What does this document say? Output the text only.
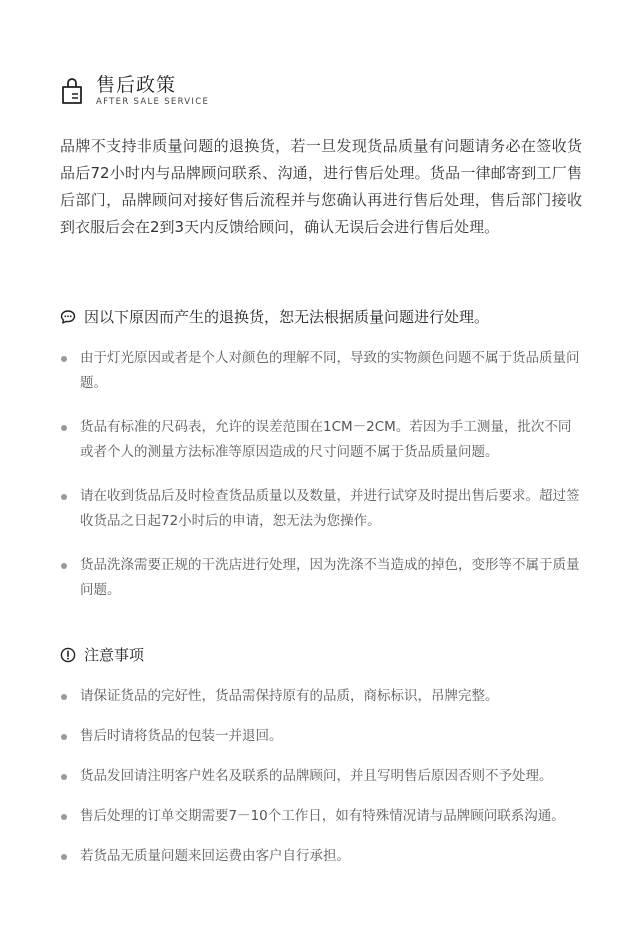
售后政策
AFTER SALE SERVICE

品牌不支持非质量问题的退换货，若一旦发现货品质量有问题请务必在签收货品后72小时内与品牌顾问联系、沟通，进行售后处理。货品一律邮寄到工厂售后部门，品牌顾问对接好售后流程并与您确认再进行售后处理，售后部门接收到衣服后会在2到3天内反馈给顾问，确认无误后会进行售后处理。

因以下原因而产生的退换货，恕无法根据质量问题进行处理。
由于灯光原因或者是个人对颜色的理解不同，导致的实物颜色问题不属于货品质量问题。
货品有标准的尺码表，允许的误差范围在1CM－2CM。若因为手工测量，批次不同或者个人的测量方法标准等原因造成的尺寸问题不属于货品质量问题。
请在收到货品后及时检查货品质量以及数量，并进行试穿及时提出售后要求。超过签收货品之日起72小时后的申请，恕无法为您操作。
货品洗涤需要正规的干洗店进行处理，因为洗涤不当造成的掉色，变形等不属于质量问题。
注意事项
请保证货品的完好性，货品需保持原有的品质，商标标识，吊牌完整。
售后时请将货品的包装一并退回。
货品发回请注明客户姓名及联系的品牌顾问，并且写明售后原因否则不予处理。
售后处理的订单交期需要7－10个工作日，如有特殊情况请与品牌顾问联系沟通。
若货品无质量问题来回运费由客户自行承担。
